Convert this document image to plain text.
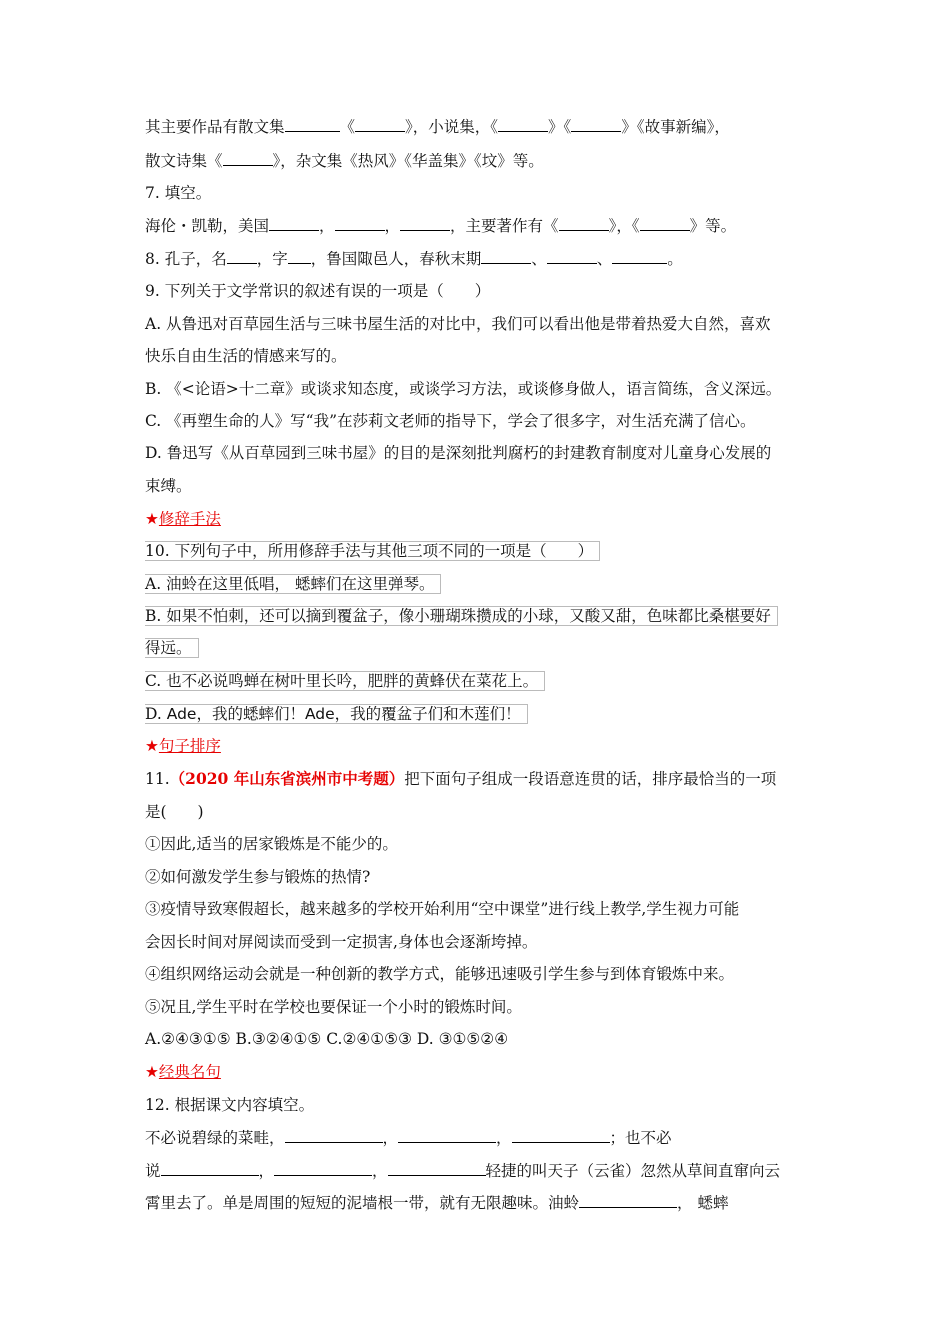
其主要作品有散文集	《	》，小说集，《	》《	》《故事新编》，
散文诗集《	》，杂文集《热风》《华盖集》《坟》等。
7. 填空。
海伦・凯勒，美国	，	，	，主要著作有《	》，《	》等。
8. 孔子，名 ，字 ，鲁国陬邑人，春秋末期	、	、	。
9. 下列关于文学常识的叙述有误的一项是（　　）
A. 从鲁迅对百草园生活与三味书屋生活的对比中，我们可以看出他是带着热爱大自然，喜欢
快乐自由生活的情感来写的。
B. 《<论语>十二章》或谈求知态度，或谈学习方法，或谈修身做人，语言简练，含义深远。
C. 《再塑生命的人》写“我”在莎莉文老师的指导下，学会了很多字，对生活充满了信心。
D. 鲁迅写《从百草园到三味书屋》的目的是深刻批判腐朽的封建教育制度对儿童身心发展的
束缚。
★修辞手法
10. 下列句子中，所用修辞手法与其他三项不同的一项是（　　）
A. 油蛉在这里低唱， 蟋蟀们在这里弹琴。
B. 如果不怕刺，还可以摘到覆盆子，像小珊瑚珠攒成的小球，又酸又甜，色味都比桑椹要好
得远。
C. 也不必说鸣蝉在树叶里长吟，肥胖的黄蜂伏在菜花上。
D. Ade，我的蟋蟀们！Ade，我的覆盆子们和木莲们！
★句子排序
11.（2020 年山东省滨州市中考题）把下面句子组成一段语意连贯的话，排序最恰当的一项
是(　　)
①因此,适当的居家锻炼是不能少的。
②如何激发学生参与锻炼的热情?
③疫情导致寒假超长，越来越多的学校开始利用“空中课堂”进行线上教学,学生视力可能
会因长时间对屏阅读而受到一定损害,身体也会逐渐垮掉。
④组织网络运动会就是一种创新的教学方式，能够迅速吸引学生参与到体育锻炼中来。
⑤况且,学生平时在学校也要保证一个小时的锻炼时间。
A.②④③①⑤ B.③②④①⑤ C.②④①⑤③ D. ③①⑤②④
★经典名句
12. 根据课文内容填空。
不必说碧绿的菜畦，	，	，	；也不必
说	，	，	轻捷的叫天子（云雀）忽然从草间直窜向云
霄里去了。单是周围的短短的泥墙根一带，就有无限趣味。油蛉	， 蟋蟀
